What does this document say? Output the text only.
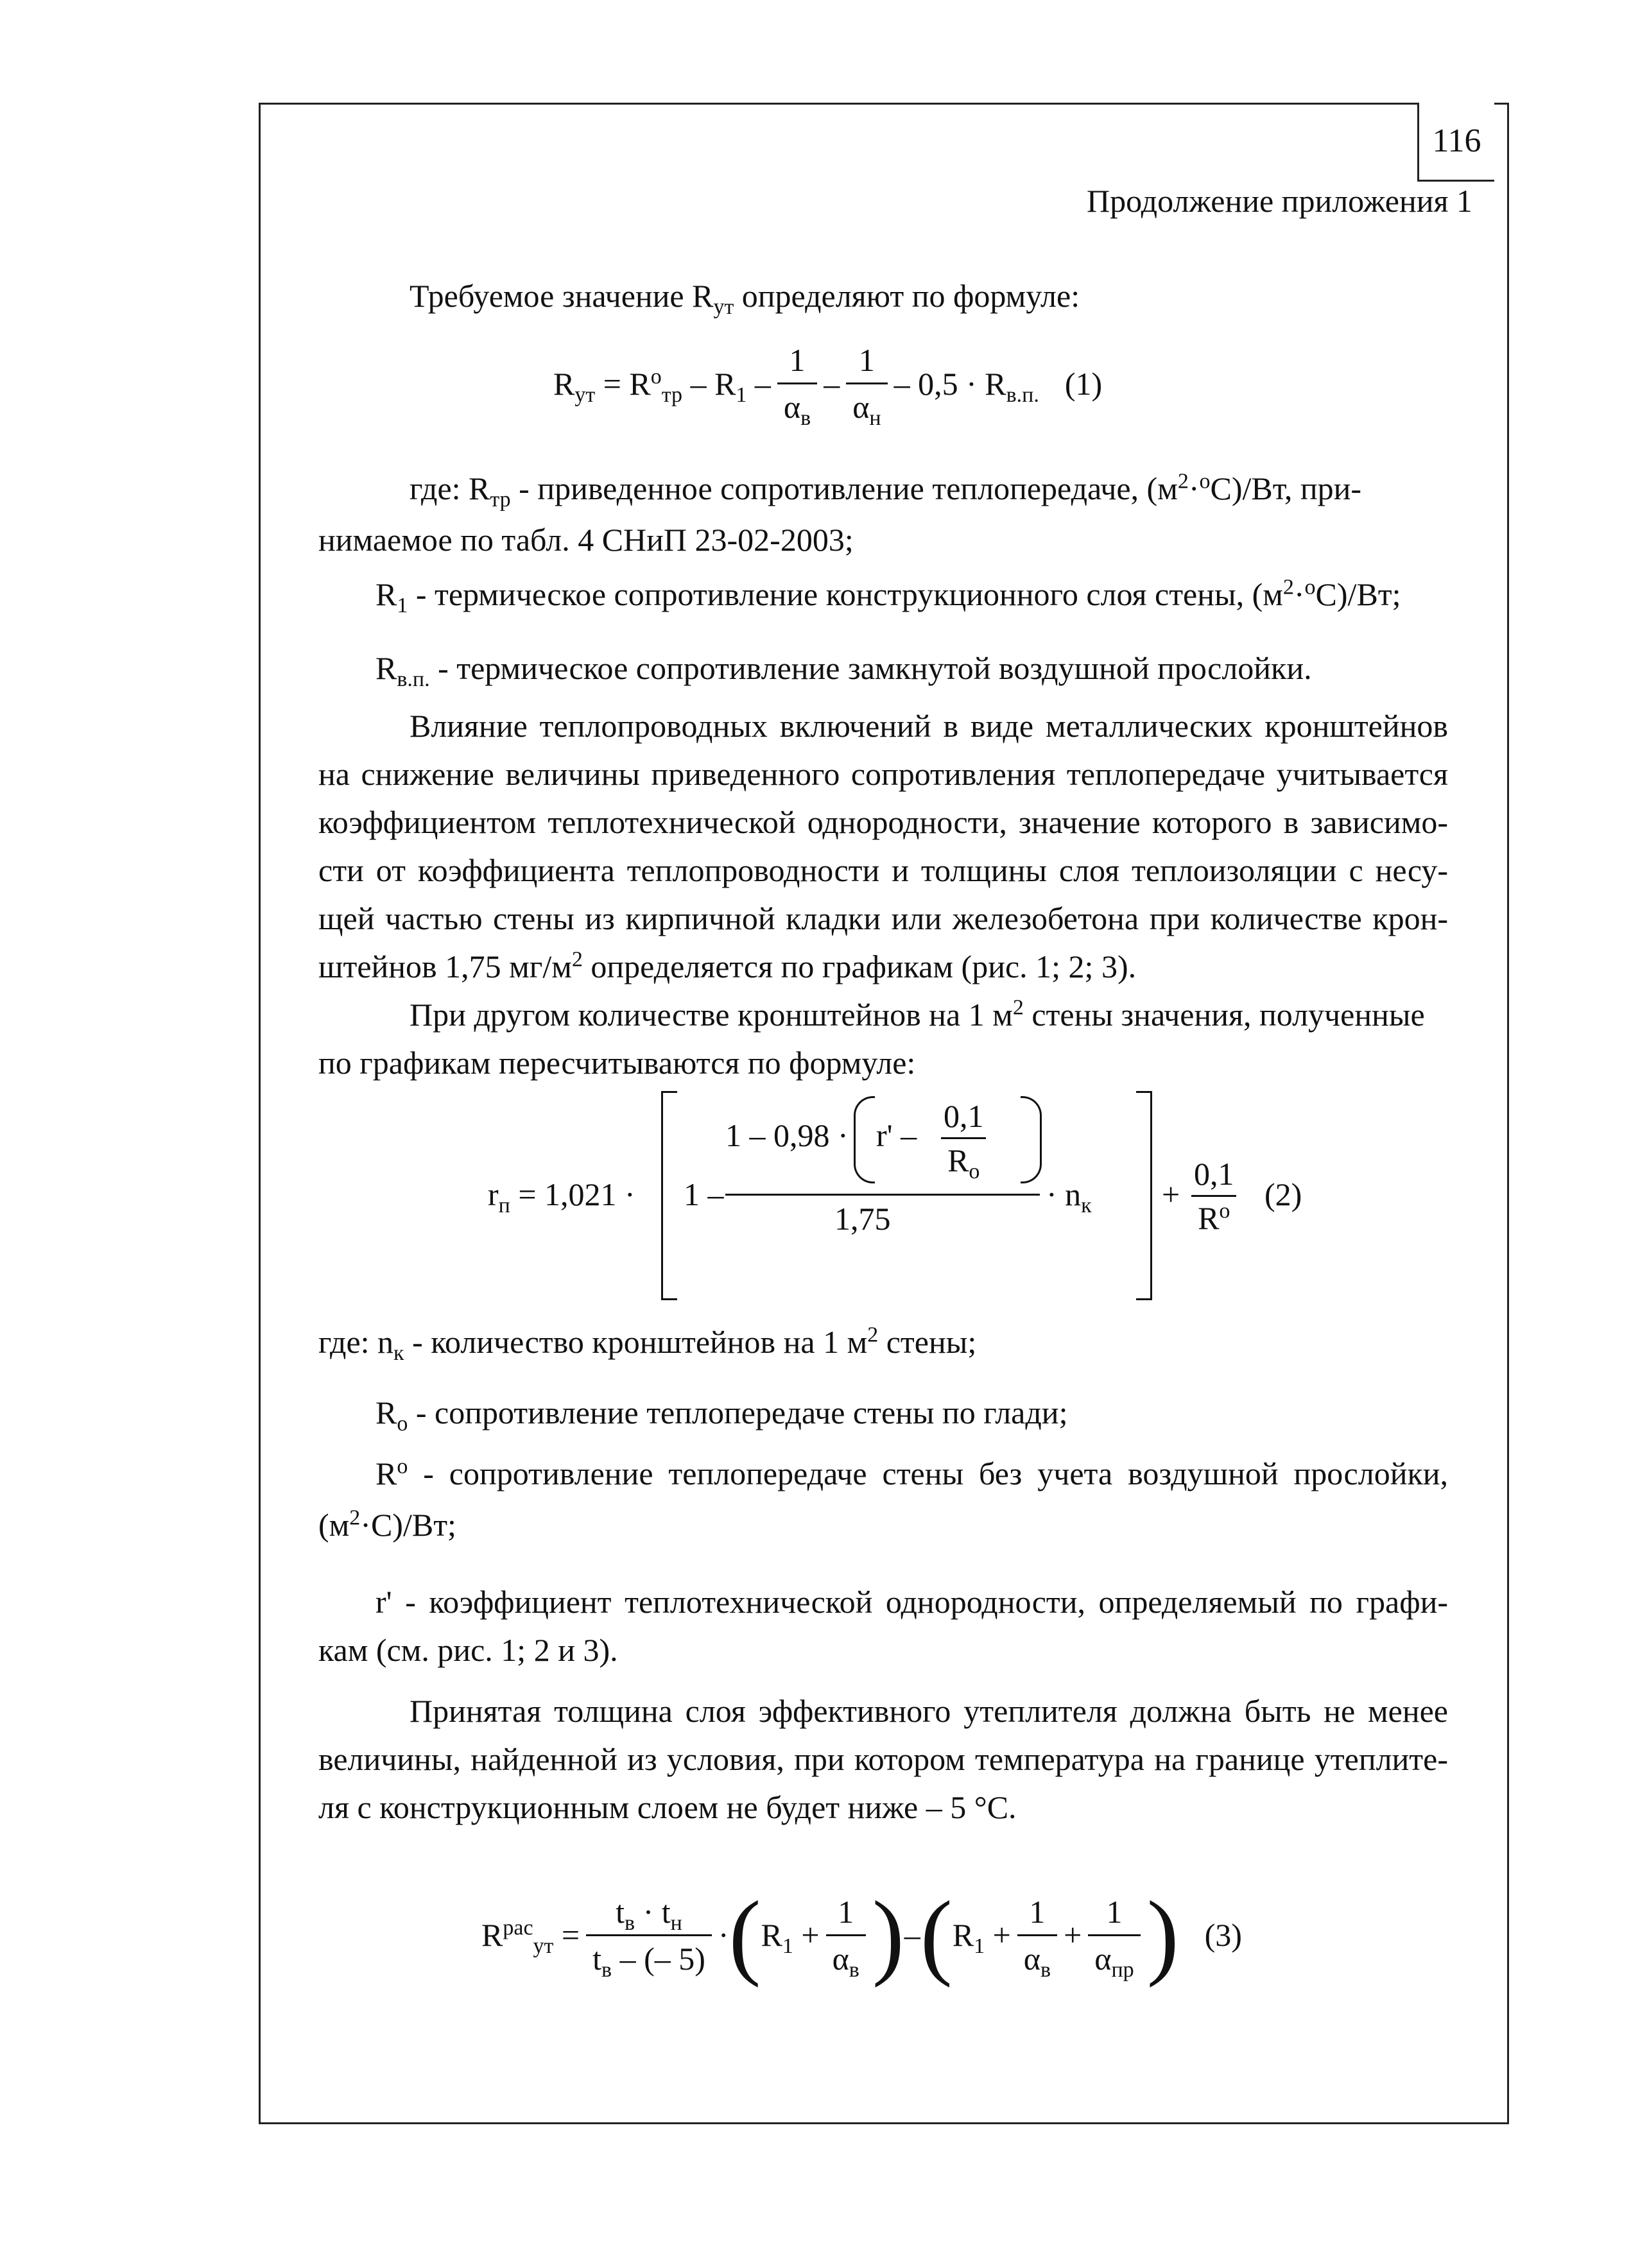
116
Продолжение приложения 1
Требуемое значение $R_{ут}$ определяют по формуле:
$R_{ут} = R^о_{тр} - R_1 - \frac{1}{\alpha_в} - \frac{1}{\alpha_н} - 0,5 \cdot R_{в.п.}$ (1)
где: $R_{тр}$ - приведенное сопротивление теплопередаче, $(м^2\cdot^оС)/Вт$, при-
нимаемое по табл. 4 СНиП 23-02-2003;
$R_1$ - термическое сопротивление конструкционного слоя стены, $(м^2\cdot^оС)/Вт$;
$R_{в.п.}$ - термическое сопротивление замкнутой воздушной прослойки.
Влияние теплопроводных включений в виде металлических кронштейнов
на снижение величины приведенного сопротивления теплопередаче учитывается
коэффициентом теплотехнической однородности, значение которого в зависимо-
сти от коэффициента теплопроводности и толщины слоя теплоизоляции с несу-
щей частью стены из кирпичной кладки или железобетона при количестве крон-
штейнов 1,75 $мг/м^2$ определяется по графикам (рис. 1; 2; 3).
При другом количестве кронштейнов на 1 $м^2$ стены значения, полученные
по графикам пересчитываются по формуле:
$r_п = 1,021 \cdot 1$ –
$1 - 0,98 \cdot r' - \frac{0,1}{R_о}$
1,75
· $n_к + \frac{0,1}{R^о} (2)$
где: $n_к$ - количество кронштейнов на 1 $м^2$ стены;
$R_о$ - сопротивление теплопередаче стены по глади;
$R^о$ - сопротивление теплопередаче стены без учета воздушной прослойки,
$(м^2\cdot С)/Вт$;
r' - коэффициент теплотехнической однородности, определяемый по графи-
кам (см. рис. 1; 2 и 3).
Принятая толщина слоя эффективного утеплителя должна быть не менее
величины, найденной из условия, при котором температура на границе утеплите-
ля с конструкционным слоем не будет ниже – 5 °С.
$R^{рас}_{ут} = \frac{t_в \cdot t_н}{t_в - (- 5)}$ · ( $R_1 + \frac{1}{\alpha_в}$ ) – ( $R_1 + \frac{1}{\alpha_в} + \frac{1}{\alpha_{пр}}$ ) (3)
